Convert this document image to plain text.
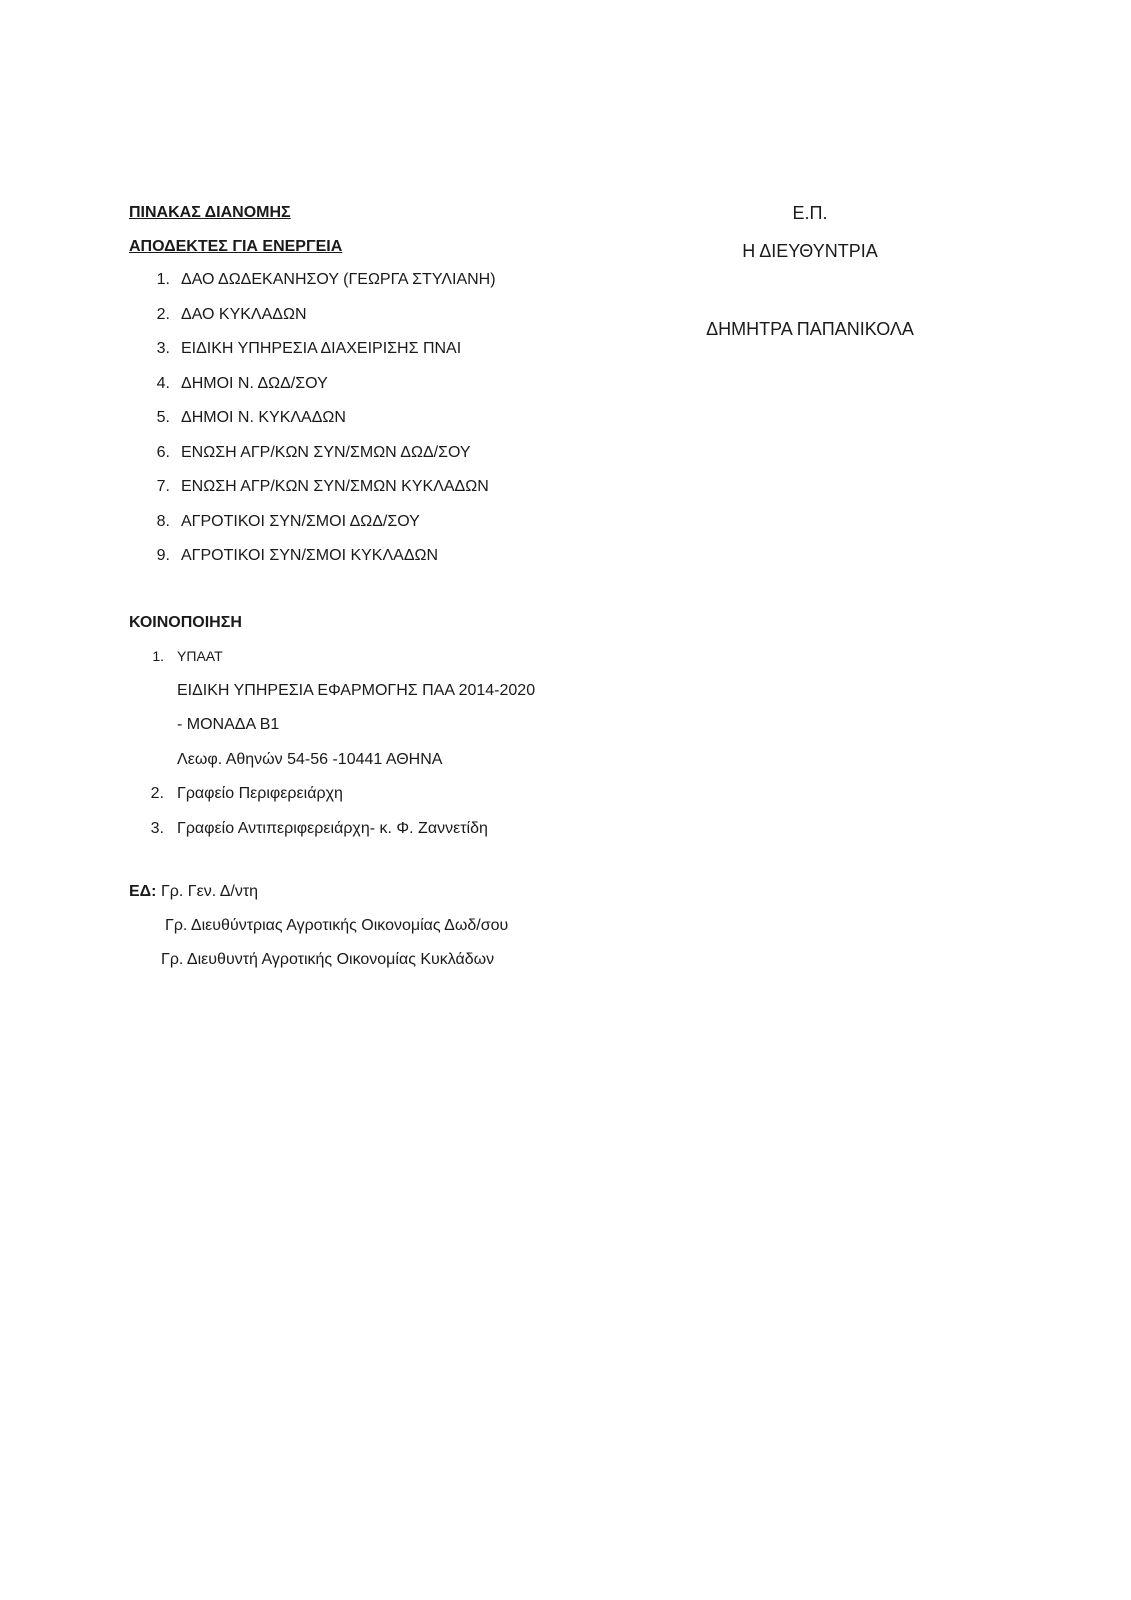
ΠΙΝΑΚΑΣ ΔΙΑΝΟΜΗΣ

ΑΠΟΔΕΚΤΕΣ ΓΙΑ ΕΝΕΡΓΕΙΑ

1. ΔΑΟ ΔΩΔΕΚΑΝΗΣΟΥ (ΓΕΩΡΓΑ ΣΤΥΛΙΑΝΗ)
2. ΔΑΟ ΚΥΚΛΑΔΩΝ
3. ΕΙΔΙΚΗ ΥΠΗΡΕΣΙΑ ΔΙΑΧΕΙΡΙΣΗΣ ΠΝΑΙ
4. ΔΗΜΟΙ Ν. ΔΩΔ/ΣΟΥ
5. ΔΗΜΟΙ Ν. ΚΥΚΛΑΔΩΝ
6. ΕΝΩΣΗ ΑΓΡ/ΚΩΝ ΣΥΝ/ΣΜΩΝ ΔΩΔ/ΣΟΥ
7. ΕΝΩΣΗ ΑΓΡ/ΚΩΝ ΣΥΝ/ΣΜΩΝ ΚΥΚΛΑΔΩΝ
8. ΑΓΡΟΤΙΚΟΙ ΣΥΝ/ΣΜΟΙ ΔΩΔ/ΣΟΥ
9. ΑΓΡΟΤΙΚΟΙ ΣΥΝ/ΣΜΟΙ ΚΥΚΛΑΔΩΝ

ΚΟΙΝΟΠΟΙΗΣΗ

1. ΥΠΑΑΤ
ΕΙΔΙΚΗ ΥΠΗΡΕΣΙΑ ΕΦΑΡΜΟΓΗΣ ΠΑΑ 2014-2020
- ΜΟΝΑΔΑ Β1
Λεωφ. Αθηνών 54-56 -10441 ΑΘΗΝΑ
2. Γραφείο Περιφερειάρχη
3. Γραφείο Αντιπεριφερειάρχη- κ. Φ. Ζαννετίδη
ΕΔ: Γρ. Γεν. Δ/ντη
Γρ. Διευθύντριας Αγροτικής Οικονομίας Δωδ/σου
Γρ. Διευθυντή Αγροτικής Οικονομίας Κυκλάδων
Ε.Π.
Η ΔΙΕΥΘΥΝΤΡΙΑ
ΔΗΜΗΤΡΑ ΠΑΠΑΝΙΚΟΛΑ
